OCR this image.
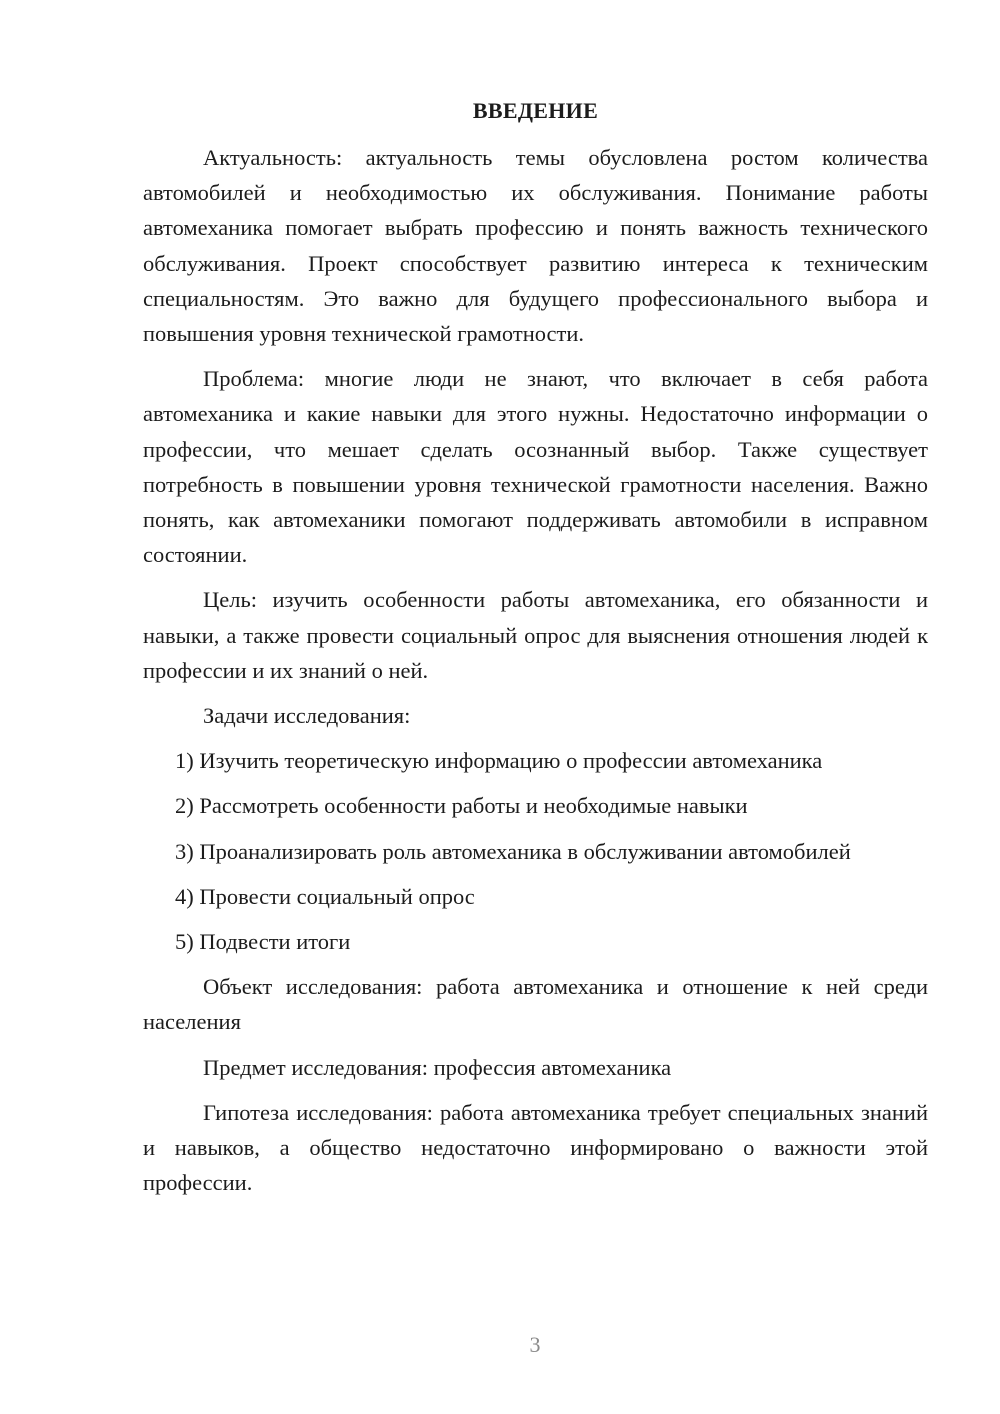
ВВЕДЕНИЕ

Актуальность: актуальность темы обусловлена ростом количества автомобилей и необходимостью их обслуживания. Понимание работы автомеханика помогает выбрать профессию и понять важность технического обслуживания. Проект способствует развитию интереса к техническим специальностям. Это важно для будущего профессионального выбора и повышения уровня технической грамотности.

Проблема: многие люди не знают, что включает в себя работа автомеханика и какие навыки для этого нужны. Недостаточно информации о профессии, что мешает сделать осознанный выбор. Также существует потребность в повышении уровня технической грамотности населения. Важно понять, как автомеханики помогают поддерживать автомобили в исправном состоянии.

Цель: изучить особенности работы автомеханика, его обязанности и навыки, а также провести социальный опрос для выяснения отношения людей к профессии и их знаний о ней.

Задачи исследования:

1) Изучить теоретическую информацию о профессии автомеханика

2) Рассмотреть особенности работы и необходимые навыки

3) Проанализировать роль автомеханика в обслуживании автомобилей

4) Провести социальный опрос

5) Подвести итоги

Объект исследования: работа автомеханика и отношение к ней среди населения

Предмет исследования: профессия автомеханика

Гипотеза исследования: работа автомеханика требует специальных знаний и навыков, а общество недостаточно информировано о важности этой профессии.

3
